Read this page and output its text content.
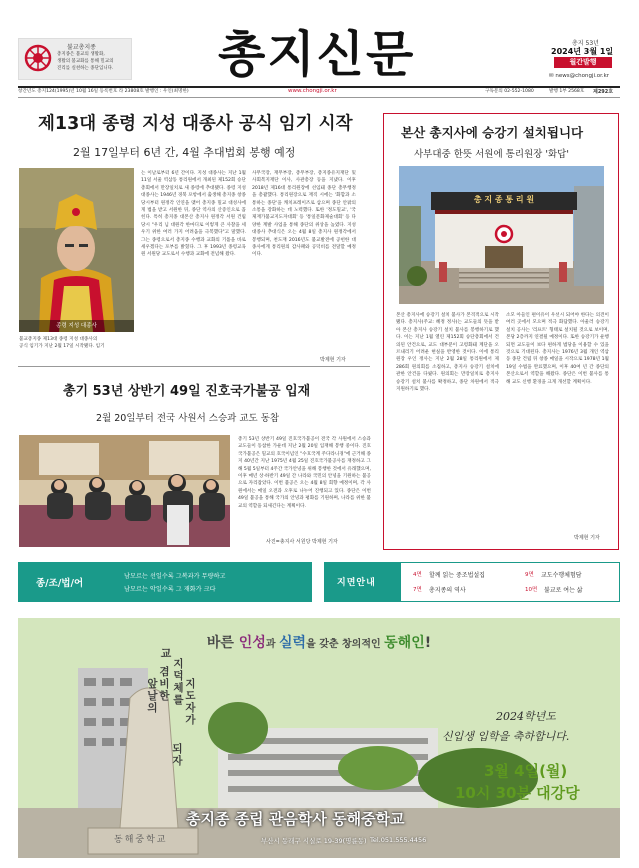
불교총지종
총지종은 불교의 생활화,
생활의 불교화를 통해 밀교의
진리를 실천하는 종단입니다. 총지신문	총지 53년
2024년 3월 1일
월간발행
✉ news@chongji.or.kr
창간년도 총지124(1995)년 10월 16일 등록번호 라 23808호 발행인 : 우인(최명한)	www.chongji.or.kr	구독문의 02-552-1080	발행 1부 2568호 제292호
제13대 종령 지성 대종사 공식 임기 시작
2월 17일부터 6년 간, 4월 추대법회 봉행 예정
종령 지성 대종사

불교총지종 제13대 종령 지성 대종사의

공식 임기가 지난 2월 17일 시작됐다. 임기

는 이날로부터 6년 간이다. 지성 대종사는 지난 1월 11일 서울 역삼동 통리원에서 개최된 제152회 승단총회에서 만장일치로 새 종령에 추대됐다. 종령 지성 대종사는 1946년 경북 포항에서 출생해 총지종 창종 당시부터 원정각 인연을 맺어 총지종 밀교 대성사에게 법을 받고 서원한 뒤, 종단 역사의 산증인으로 꼽힌다. 특히 총지종 대본산 총지사 원정각 서원 건립 당시 "우리 님 대원각 한마디로 이렇게 큰 사찰을 세우기 위한 여러 가지 어려움을 극복했다"고 말했다. 그는 종령으로서 총지종 수행과 교화의 기틀을 바로 세우겠다는 포부를 밝혔다. 그 후 1993년 종령교육원 서원당 교도로서 수행과 교화에 전념해 왔다.

사무국장, 재무부장, 총무부장, 총지종유지재단 및 사회복지재단 이사, 사관총장 등을 지냈다. 이후 2018년 제16대 통리원장에 선임돼 종단 총무행정을 총괄했다. 통리원장으로 재직 시에는 '화합과 소통하는 종단'을 캐치프레이즈로 삼으며 종단 안팎의 소통을 강화하는 데 노력했다. 또한 '정도밀교', '국제재가불교지도자대회' 등 '통일문화제술대회' 등 다양한 계발 사업을 통해 종단의 위상을 높였다. 지성 대종사 추대식은 오는 4월 8일 총지사 원정각에서 봉행되며, 천도재 2016년도 불교발전에 공헌한 대종사에게 통리원의 감사패와 공덕비를 전달할 예정이다.

박제현 기자
본산 총지사에 승강기 설치됩니다
사부대중 한뜻 서원에 통리원장 '화답'
총 지 종 통 리 원

본산 총지사에 승강기 설치 불사가 본격적으로 시작됐다. 총지사(주교: 혜정 정사)는 교도들의 뜻을 받아 본산 총지사 승강기 설치 불사를 봉행하기로 했다. 이는 지난 1월 열린 제152회 승단총회에서 건의된 안건으로, 교도 대부분이 고령화돼 계단을 오르내리기 어려운 현실을 반영한 것이다. 이에 통리원장 우인 정사는 지난 2월 28일 통리원에서 제286회 원의회를 소집하고, 총지사 승강기 설치에 관한 안건을 다뤘다. 원의회는 만장일치로 총지사 승강기 설치 불사를 확정하고, 종단 차원에서 적극 지원하기로 했다.

소모 아들인 편이유이 우선시 되어야 한다는 의견이 여러 곳에서 모으며 적극 화답했다. 아울러 승강기 설치 공사는 '리프트' 형태로 설치될 것으로 보이며, 본당 2층까지 연결될 예정이다. 또한 승강기가 운행되면 교도들이 보다 편하게 법당을 이용할 수 있을 것으로 기대된다. 총지사는 1976년 3월 개인 역삼동 종단 건립 뒤 창종 매일을 시작으로 1978년 1월 19일 수법을 완료했으며, 이후 40여 년 간 종단의 본산으로서 역할을 해왔다. 종단은 이번 불사를 통해 교도 신행 환경을 크게 개선할 계획이다.

박제현 기자
총기 53년 상반기 49일 진호국가불공 입재
2월 20일부터 전국 사원서 스승과 교도 동참

총기 53년 상반기 49일 진호국가불공이 전국 각 사원에서 스승과 교도들이 동참한 가운데 지난 2월 20일 입재해 봉행 중이다. 진호국가불공은 밀교의 호국이념인 "수호국계 주다라니경"에 근거해 종지 40년간 지난 1975년 4월 25일 진호국가불공사를 재정하고 그해 5월 5일부터 4주간 국가안녕을 위해 봉행한 것에서 유래했으며, 이후 매년 상·하반기 49일 간 나라와 국민의 안녕을 기원하는 불공으로 자리잡았다. 이번 불공은 오는 4월 8일 회향 예정이며, 각 사원에서는 매일 오전과 오후로 나누어 진행되고 있다. 종단은 이번 49일 불공을 통해 국가의 안녕과 평화를 기원하며, 나라를 위한 불교의 역할을 되새긴다는 계획이다.

사진=총지사 서원당 박제현 기자
종/조/법/어
남모르는 선일수록 그복과가 무량하고
남모르는 악일수록 그 재화가 크다
지면안내
4면 할께 읽는 중조법설집
7면 총지종의 역사
9면 교도수행체험담
10면 불교로 여는 삶
바른 인성과 실력을 갖춘 창의적인 동해인!
교
지덕체를
겸비한
앞날의
지도자가
되자
동해중학교
2024학년도
신입생 입학을 축하합니다.
3월 4일(월)
10시 30분 대강당
총지종 종립 관음학사 동해중학교
부산시 동래구 시실로 19-39(명륜동) Tel.051.555.4456
